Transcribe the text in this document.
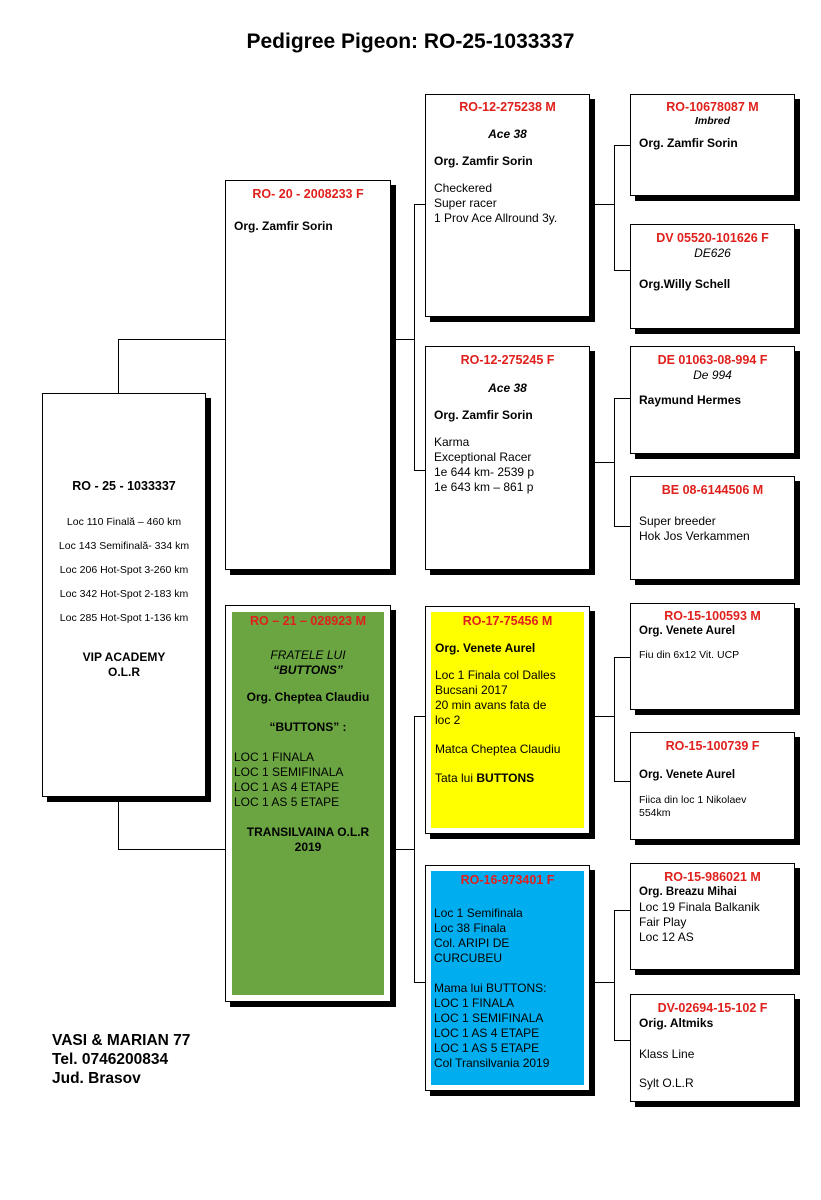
Pedigree Pigeon: RO-25-1033337
RO - 25 - 1033337
Loc 110 Finală – 460 km
Loc 143 Semifinală- 334 km
Loc 206 Hot-Spot 3-260 km
Loc 342 Hot-Spot 2-183 km
Loc 285 Hot-Spot 1-136 km
VIP ACADEMY
O.L.R
RO- 20 - 2008233 F
Org. Zamfir Sorin
RO – 21 – 028923 M
FRATELE LUI
“BUTTONS”
Org. Cheptea Claudiu
“BUTTONS” :
LOC 1 FINALA
LOC 1 SEMIFINALA
LOC 1 AS 4 ETAPE
LOC 1 AS 5 ETAPE
TRANSILVAINA O.L.R
2019
RO-12-275238 M
Ace 38
Org. Zamfir Sorin
Checkered
Super racer
1 Prov Ace Allround 3y.
RO-12-275245 F
Ace 38
Org. Zamfir Sorin
Karma
Exceptional Racer
1e 644 km- 2539 p
1e 643 km – 861 p
RO-17-75456 M
Org. Venete Aurel
Loc 1 Finala col Dalles
Bucsani 2017
20 min avans fata de
loc 2
Matca Cheptea Claudiu
Tata lui BUTTONS
RO-16-973401 F
Loc 1 Semifinala
Loc 38 Finala
Col. ARIPI DE
CURCUBEU
Mama lui BUTTONS:
LOC 1 FINALA
LOC 1 SEMIFINALA
LOC 1 AS 4 ETAPE
LOC 1 AS 5 ETAPE
Col Transilvania 2019
RO-10678087 M
Imbred
Org. Zamfir Sorin
DV 05520-101626 F
DE626
Org.Willy Schell
DE 01063-08-994 F
De 994
Raymund Hermes
BE 08-6144506 M
Super breeder
Hok Jos Verkammen
RO-15-100593 M
Org. Venete Aurel
Fiu din 6x12 Vit. UCP
RO-15-100739 F
Org. Venete Aurel
Fiica din loc 1 Nikolaev
554km
RO-15-986021 M
Org. Breazu Mihai
Loc 19 Finala Balkanik
Fair Play
Loc 12 AS
DV-02694-15-102 F
Orig. Altmiks
Klass Line
Sylt O.L.R
VASI & MARIAN 77
Tel. 0746200834
Jud. Brasov
